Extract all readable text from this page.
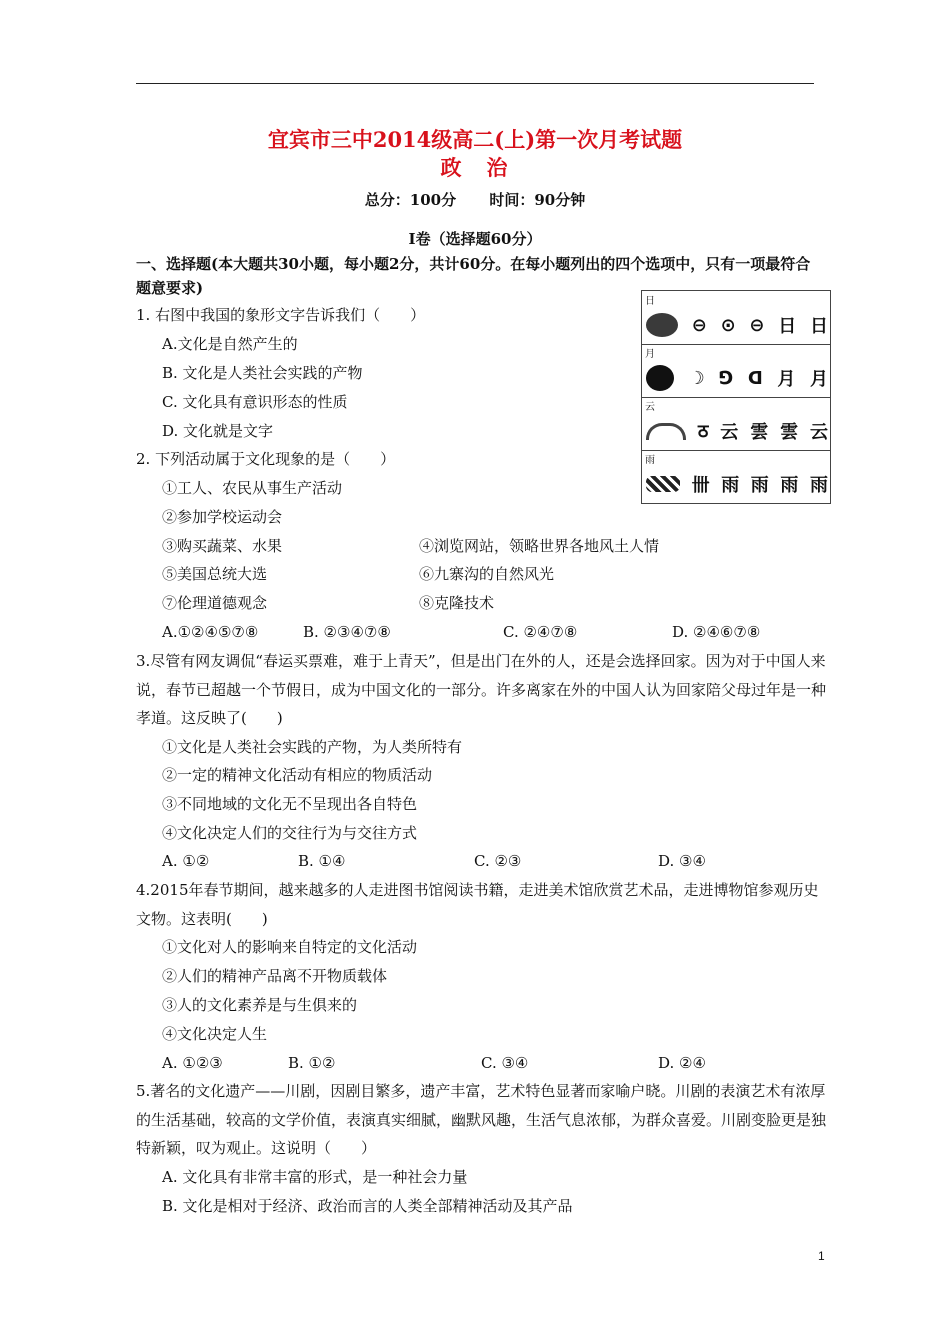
宜宾市三中2014级高二(上)第一次月考试题
政　治
总分：100分 时间：90分钟
Ⅰ卷（选择题60分）
一、选择题(本大题共30小题，每小题2分，共计60分。在每小题列出的四个选项中，只有一项最符合题意要求)
日
⊖ ⊙ ⊖ 日 日
月
☽ ⅁ ᗡ 月 月
云
ठ 云 雲 雲 云
雨
卌 雨 雨 雨 雨
1. 右图中我国的象形文字告诉我们（　　）
A.文化是自然产生的
B. 文化是人类社会实践的产物
C. 文化具有意识形态的性质
D. 文化就是文字
2. 下列活动属于文化现象的是（　　）
①工人、农民从事生产活动
②参加学校运动会
③购买蔬菜、水果	④浏览网站，领略世界各地风土人情
⑤美国总统大选	⑥九寨沟的自然风光
⑦伦理道德观念	⑧克隆技术
A.①②④⑤⑦⑧	B. ②③④⑦⑧	C. ②④⑦⑧	D. ②④⑥⑦⑧
3.尽管有网友调侃“春运买票难，难于上青天”，但是出门在外的人，还是会选择回家。因为对于中国人来说，春节已超越一个节假日，成为中国文化的一部分。许多离家在外的中国人认为回家陪父母过年是一种孝道。这反映了(　　)
①文化是人类社会实践的产物，为人类所特有
②一定的精神文化活动有相应的物质活动
③不同地域的文化无不呈现出各自特色
④文化决定人们的交往行为与交往方式
A. ①②	B. ①④	C. ②③	D. ③④
4.2015年春节期间，越来越多的人走进图书馆阅读书籍，走进美术馆欣赏艺术品，走进博物馆参观历史文物。这表明(　　)
①文化对人的影响来自特定的文化活动
②人们的精神产品离不开物质载体
③人的文化素养是与生俱来的
④文化决定人生
A. ①②③	B. ①②	C. ③④	D. ②④
5.著名的文化遗产——川剧，因剧目繁多，遗产丰富，艺术特色显著而家喻户晓。川剧的表演艺术有浓厚的生活基础，较高的文学价值，表演真实细腻，幽默风趣，生活气息浓郁，为群众喜爱。川剧变脸更是独特新颖，叹为观止。这说明（　　）
A. 文化具有非常丰富的形式，是一种社会力量
B. 文化是相对于经济、政治而言的人类全部精神活动及其产品
1
